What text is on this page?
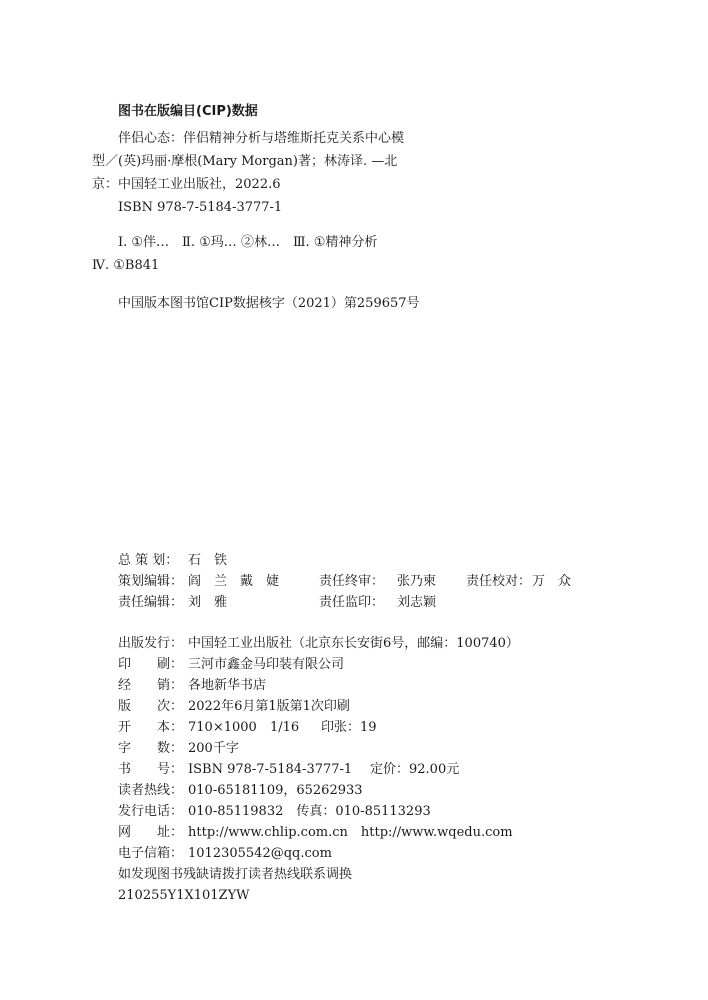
图书在版编目(CIP)数据
伴侣心态：伴侣精神分析与塔维斯托克关系中心模
型／(英)玛丽·摩根(Mary Morgan)著；林涛译. —北
京：中国轻工业出版社，2022.6
ISBN 978-7-5184-3777-1
Ⅰ. ①伴…　Ⅱ. ①玛… ②林…　Ⅲ. ①精神分析
Ⅳ. ①B841
中国版本图书馆CIP数据核字（2021）第259657号
总 策 划： 石　铁
策划编辑： 阎　兰　戴　婕	责任终审： 张乃柬 责任校对： 万　众
责任编辑： 刘　雅	责任监印： 刘志颖
出版发行： 中国轻工业出版社（北京东长安街6号，邮编：100740）
印　　刷： 三河市鑫金马印装有限公司
经　　销： 各地新华书店
版　　次： 2022年6月第1版第1次印刷
开　　本： 710×1000 1/16 印张：19
字　　数： 200千字
书　　号： ISBN 978-7-5184-3777-1 定价：92.00元
读者热线： 010-65181109，65262933
发行电话： 010-85119832　传真：010-85113293
网　　址： http://www.chlip.com.cn　http://www.wqedu.com
电子信箱： 1012305542@qq.com
如发现图书残缺请拨打读者热线联系调换
210255Y1X101ZYW
